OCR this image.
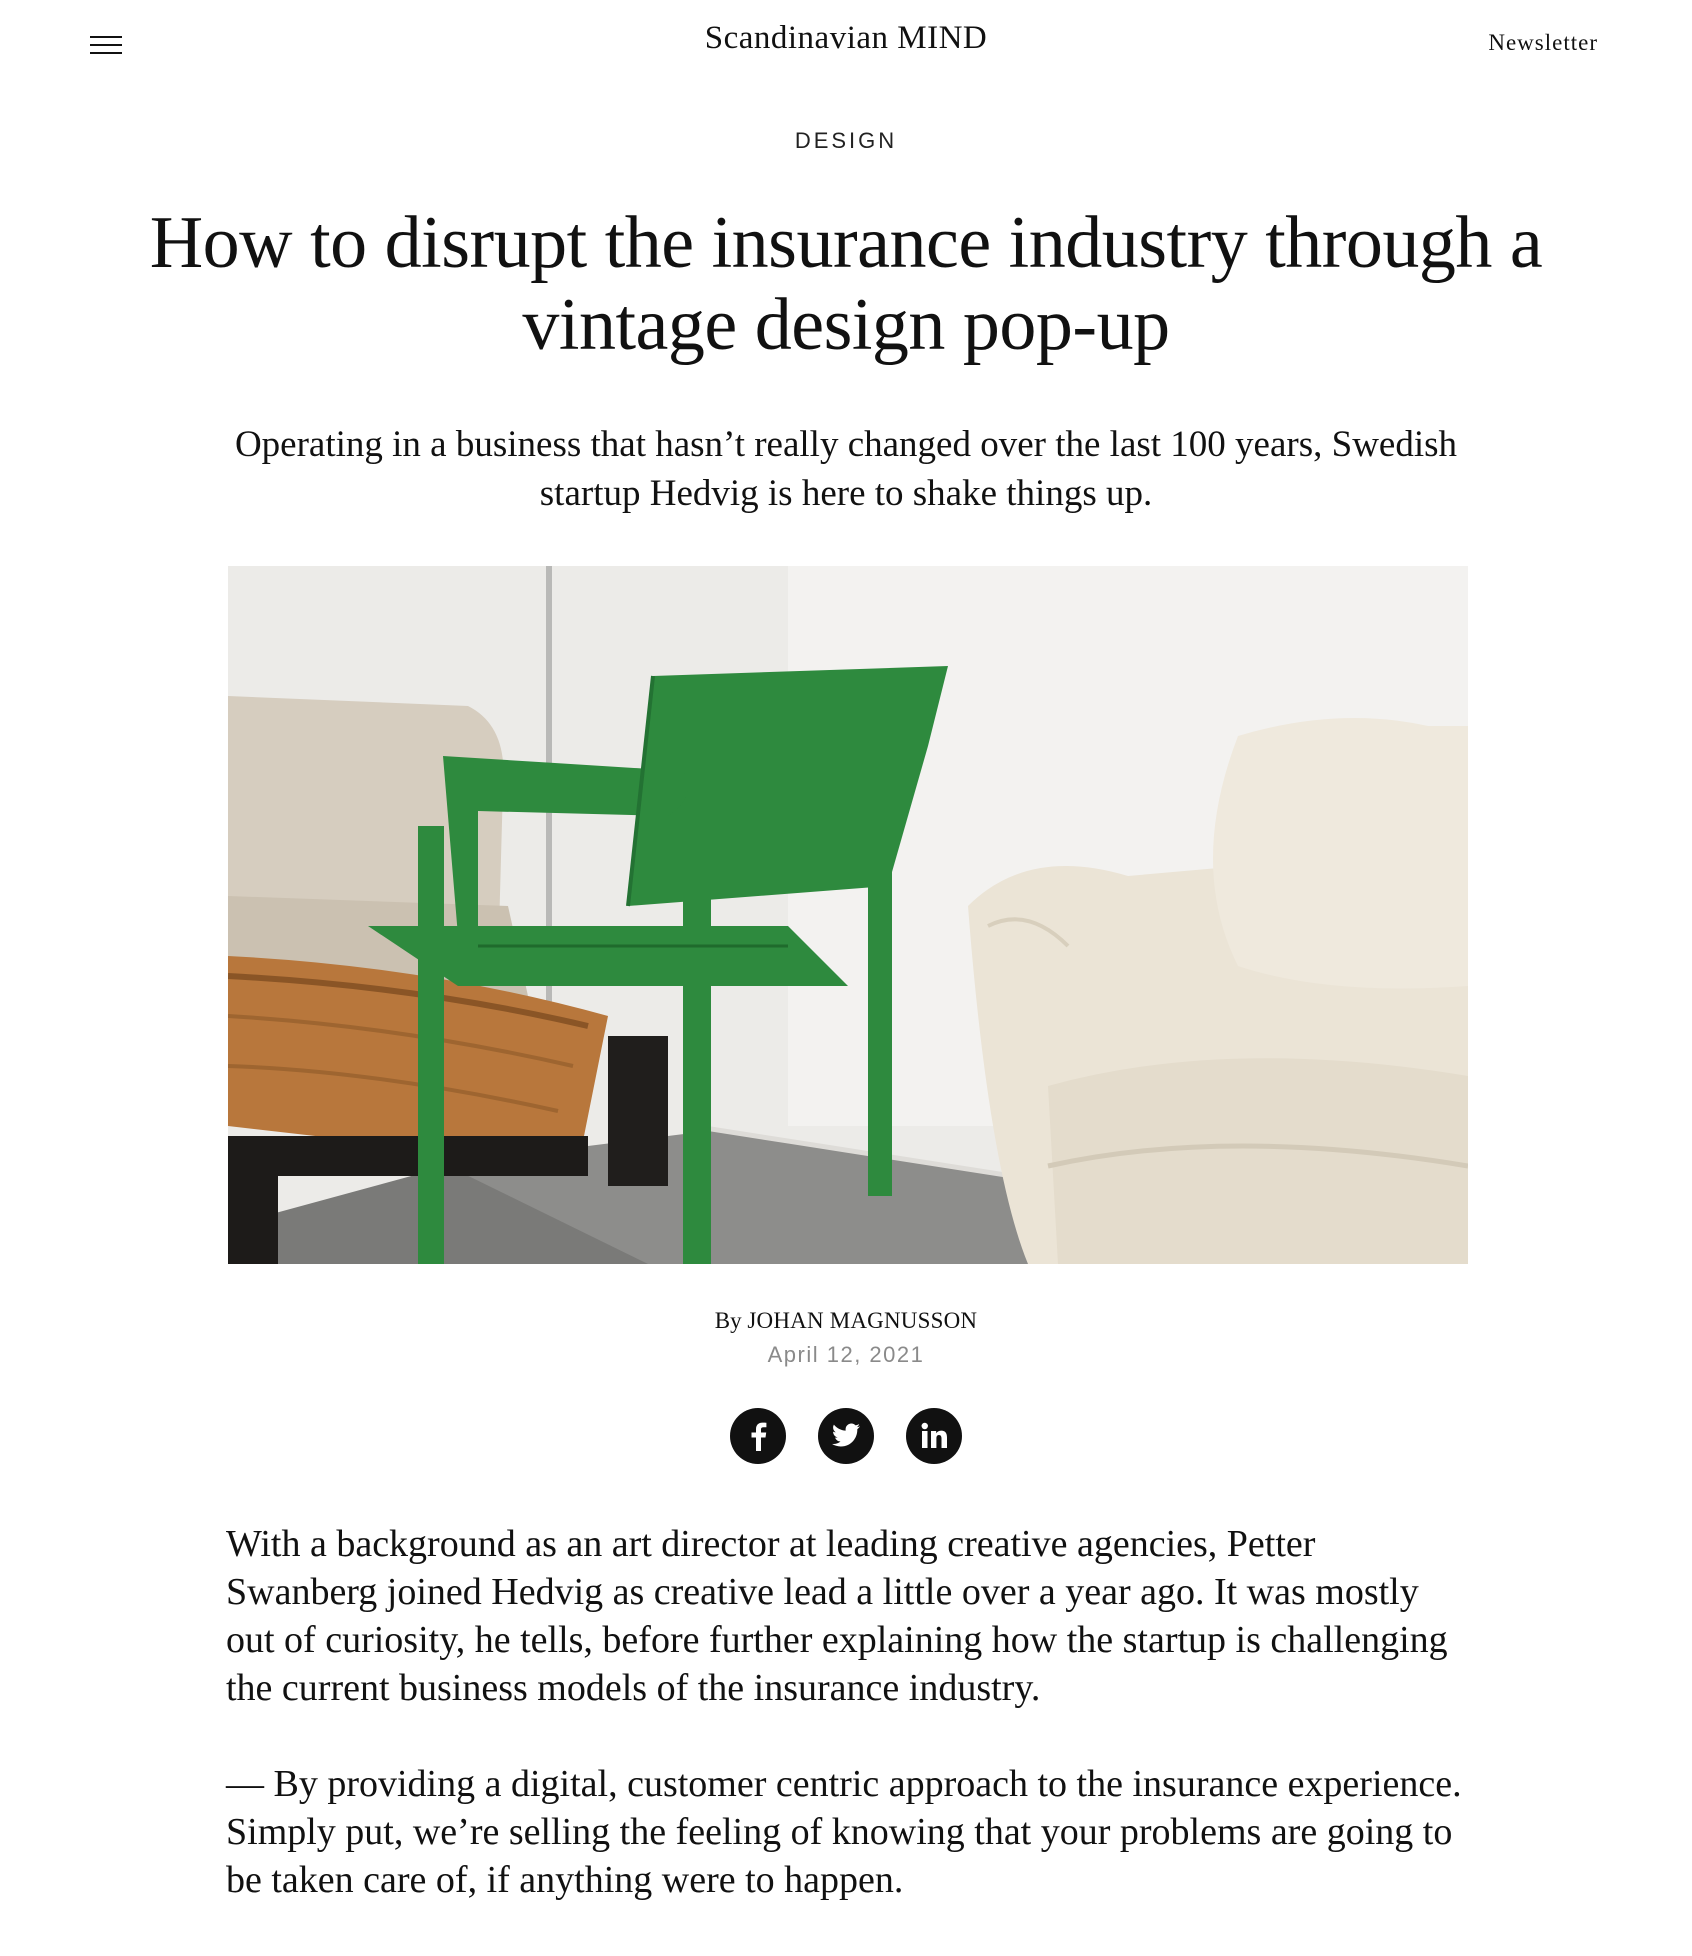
Scandinavian MIND	Newsletter
DESIGN
How to disrupt the insurance industry through a vintage design pop-up

Operating in a business that hasn’t really changed over the last 100 years, Swedish startup Hedvig is here to shake things up.

By JOHAN MAGNUSSON
April 12, 2021

With a background as an art director at leading creative agencies, Petter Swanberg joined Hedvig as creative lead a little over a year ago. It was mostly out of curiosity, he tells, before further explaining how the startup is challenging the current business models of the insurance industry.

— By providing a digital, customer centric approach to the insurance experience. Simply put, we’re selling the feeling of knowing that your problems are going to be taken care of, if anything were to happen.
